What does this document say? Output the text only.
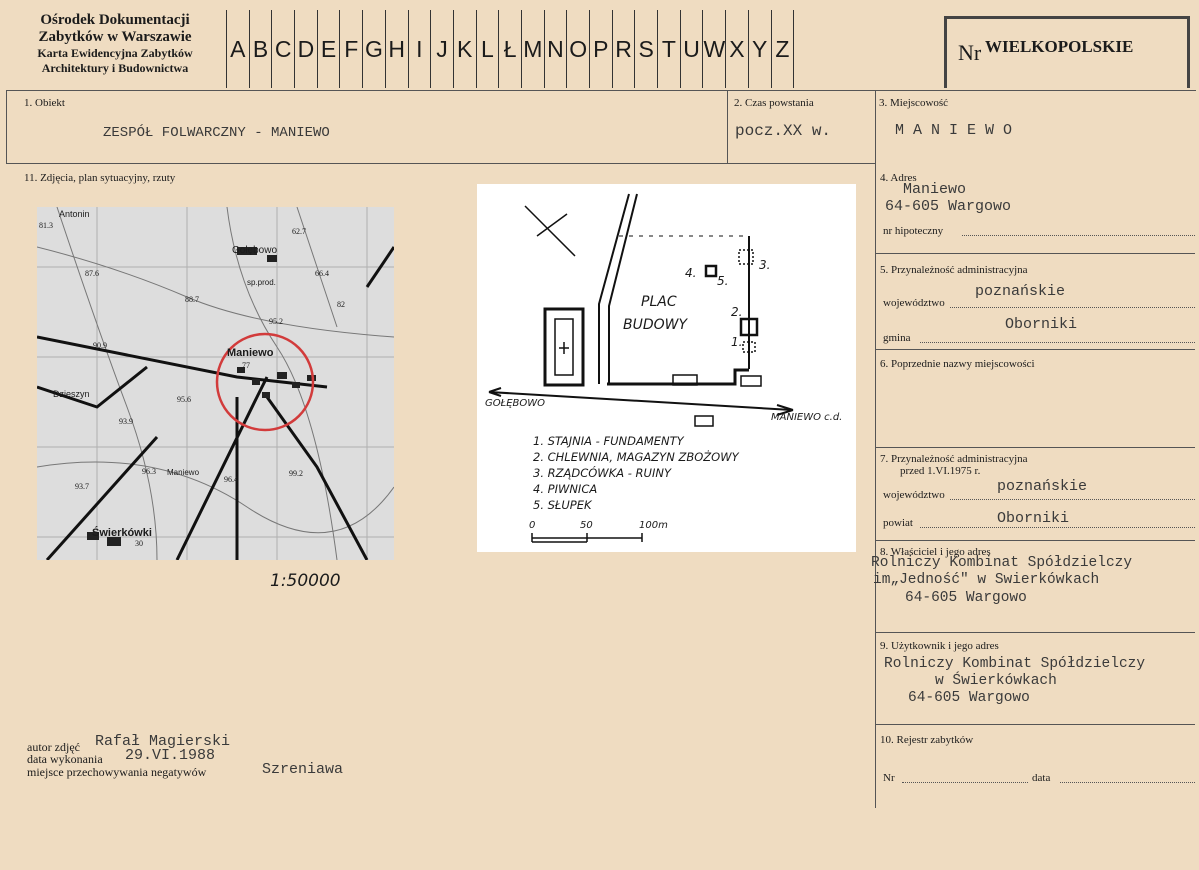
Ośrodek Dokumentacji
Zabytków w Warszawie
Karta Ewidencyjna Zabytków
Architektury i Budownictwa
A B C D E F G H I J K L Ł M N O P R S T U W X Y Z	Nr WIELKOPOLSKIE
1. Obiekt
ZESPÓŁ FOLWARCZNY - MANIEWO
2. Czas powstania
pocz.XX w.
3. Miejscowość
M A N I E W O
11. Zdjęcia, plan sytuacyjny, rzuty
Antonin
Gołębowo
Maniewo
Dzieszyn
Świerkówki
sp.prod.
Maniewo
81.3
87.6
88.7
90.9
95.2
77
93.9
96.3	99.2
93.7
62.7
66.4
82
95.6
96.4
30
1:50000
PLAC
BUDOWY
GOŁĘBOWO
MANIEWO c.d.
1.
2.
3.
4.
5.
1. STAJNIA - FUNDAMENTY
2. CHLEWNIA, MAGAZYN ZBOŻOWY
3. RZĄDCÓWKA - RUINY
4. PIWNICA
5. SŁUPEK
0	50	100m
autor zdjęć Rafał Magierski
data wykonania 29.VI.1988
miejsce przechowywania negatywów	Szreniawa
4. Adres
Maniewo
64-605 Wargowo
nr hipoteczny
5. Przynależność administracyjna
poznańskie
województwo
Oborniki
gmina
6. Poprzednie nazwy miejscowości
7. Przynależność administracyjna
przed 1.VI.1975 r.
poznańskie
województwo
Oborniki
powiat
8. Właściciel i jego adres
Rolniczy Kombinat Spółdzielczy
im„Jedność" w Swierkówkach
64-605 Wargowo
9. Użytkownik i jego adres
Rolniczy Kombinat Spółdzielczy
w Świerkówkach
64-605 Wargowo
10. Rejestr zabytków
Nr	data
